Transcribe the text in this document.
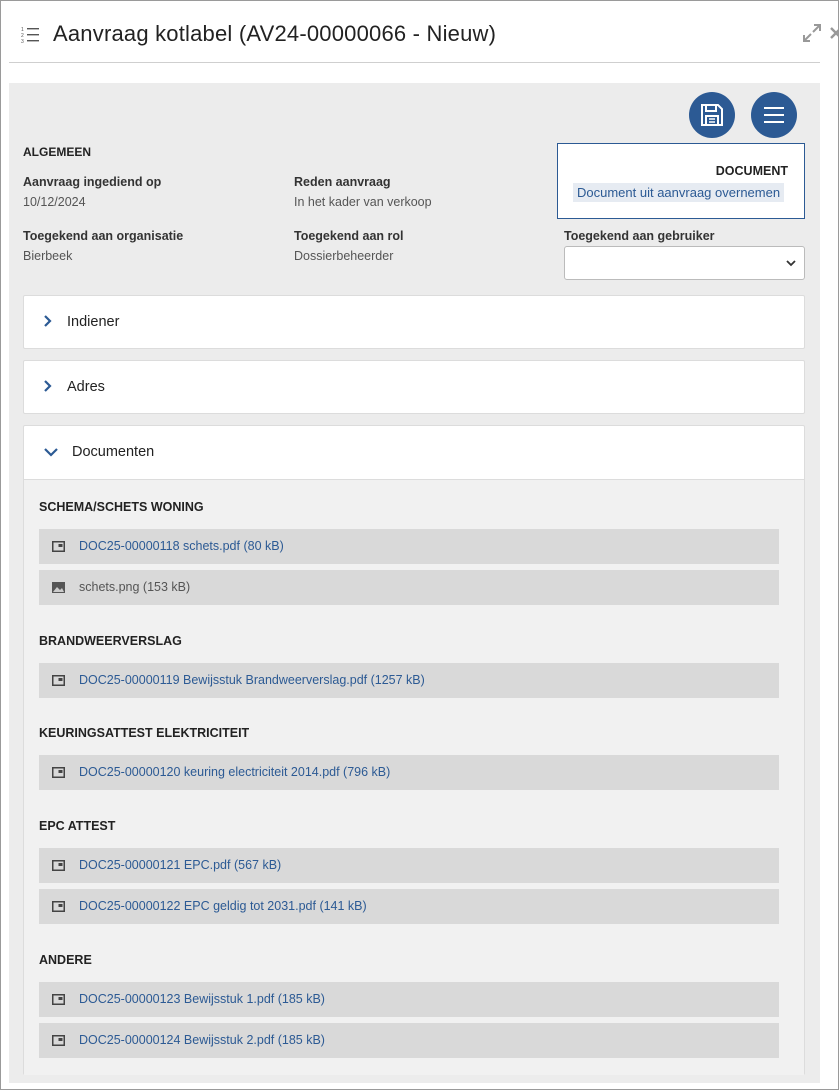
1
2
3 Aanvraag kotlabel (AV24-00000066 - Nieuw)
ALGEMEEN
Aanvraag ingediend op
10/12/2024
Reden aanvraag
In het kader van verkoop
Toegekend aan organisatie
Bierbeek
Toegekend aan rol
Dossierbeheerder
DOCUMENT
Document uit aanvraag overnemen
Toegekend aan gebruiker
Indiener
Adres
Documenten
SCHEMA/SCHETS WONING
DOC25-00000118 schets.pdf (80 kB)
schets.png (153 kB)
BRANDWEERVERSLAG
DOC25-00000119 Bewijsstuk Brandweerverslag.pdf (1257 kB)
KEURINGSATTEST ELEKTRICITEIT
DOC25-00000120 keuring electriciteit 2014.pdf (796 kB)
EPC ATTEST
DOC25-00000121 EPC.pdf (567 kB)
DOC25-00000122 EPC geldig tot 2031.pdf (141 kB)
ANDERE
DOC25-00000123 Bewijsstuk 1.pdf (185 kB)
DOC25-00000124 Bewijsstuk 2.pdf (185 kB)
